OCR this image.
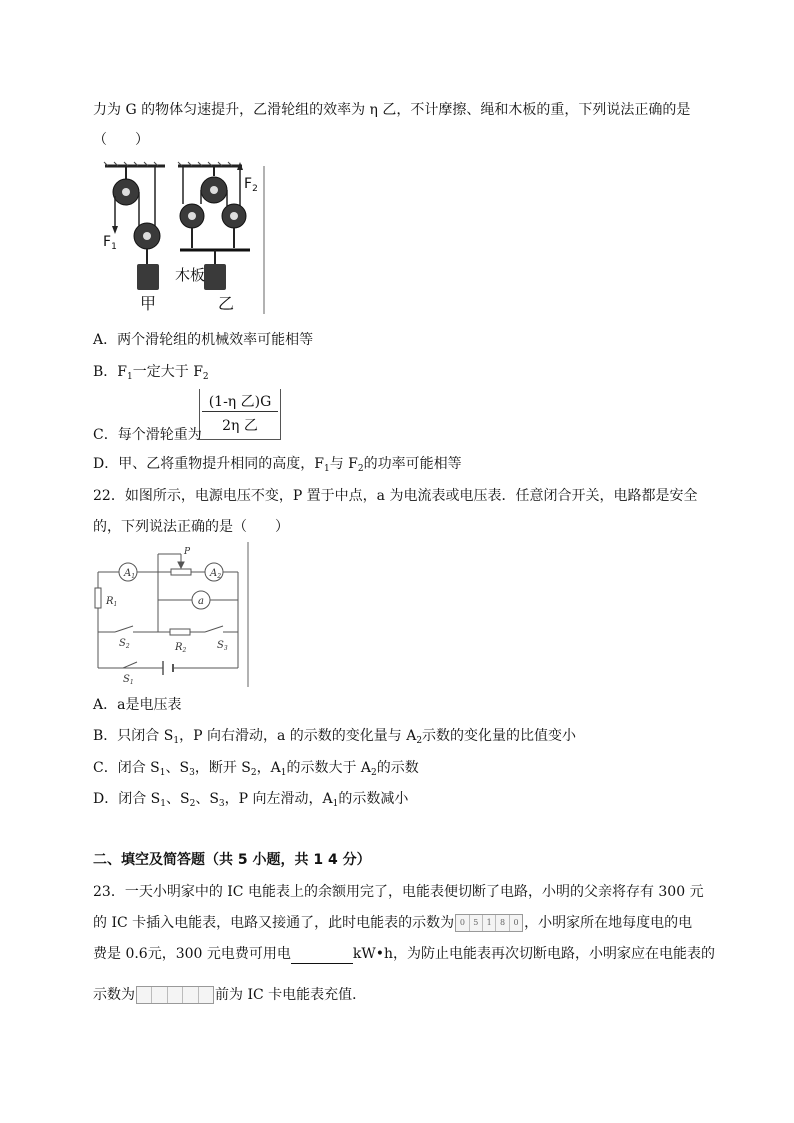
力为 G 的物体匀速提升，乙滑轮组的效率为 η 乙，不计摩擦、绳和木板的重，下列说法正确的是
（　　）
$F_1$
甲
$F_2$
木板
乙
A．两个滑轮组的机械效率可能相等
B．$F_1$一定大于 $F_2$
(1-η 乙)G
2η 乙
C．每个滑轮重为
D．甲、乙将重物提升相同的高度，$F_1$与 $F_2$的功率可能相等
22．如图所示，电源电压不变，P 置于中点，a 为电流表或电压表．任意闭合开关，电路都是安全
的，下列说法正确的是（　　）
$A_1$	$A_2$
a
P
$R_1$
$R_2$
$S_2$	$S_3$
$S_1$
A．a是电压表
B．只闭合 $S_1$，P 向右滑动，a 的示数的变化量与 $A_2$示数的变化量的比值变小
C．闭合 $S_1$、$S_3$，断开 $S_2$，$A_1$的示数大于 $A_2$的示数
D．闭合 $S_1$、$S_2$、$S_3$，P 向左滑动，$A_1$的示数减小
二、填空及简答题（共 5 小题，共 1 4 分）
23．一天小明家中的 IC 电能表上的余额用完了，电能表便切断了电路，小明的父亲将存有 300 元
的 IC 卡插入电能表，电路又接通了，此时电能表的示数为 0	5	1	8	0 ，小明家所在地每度电的电
费是 0.6元，300 元电费可用电	kW•h，为防止电能表再次切断电路，小明家应在电能表的
示数为	前为 IC 卡电能表充值．
